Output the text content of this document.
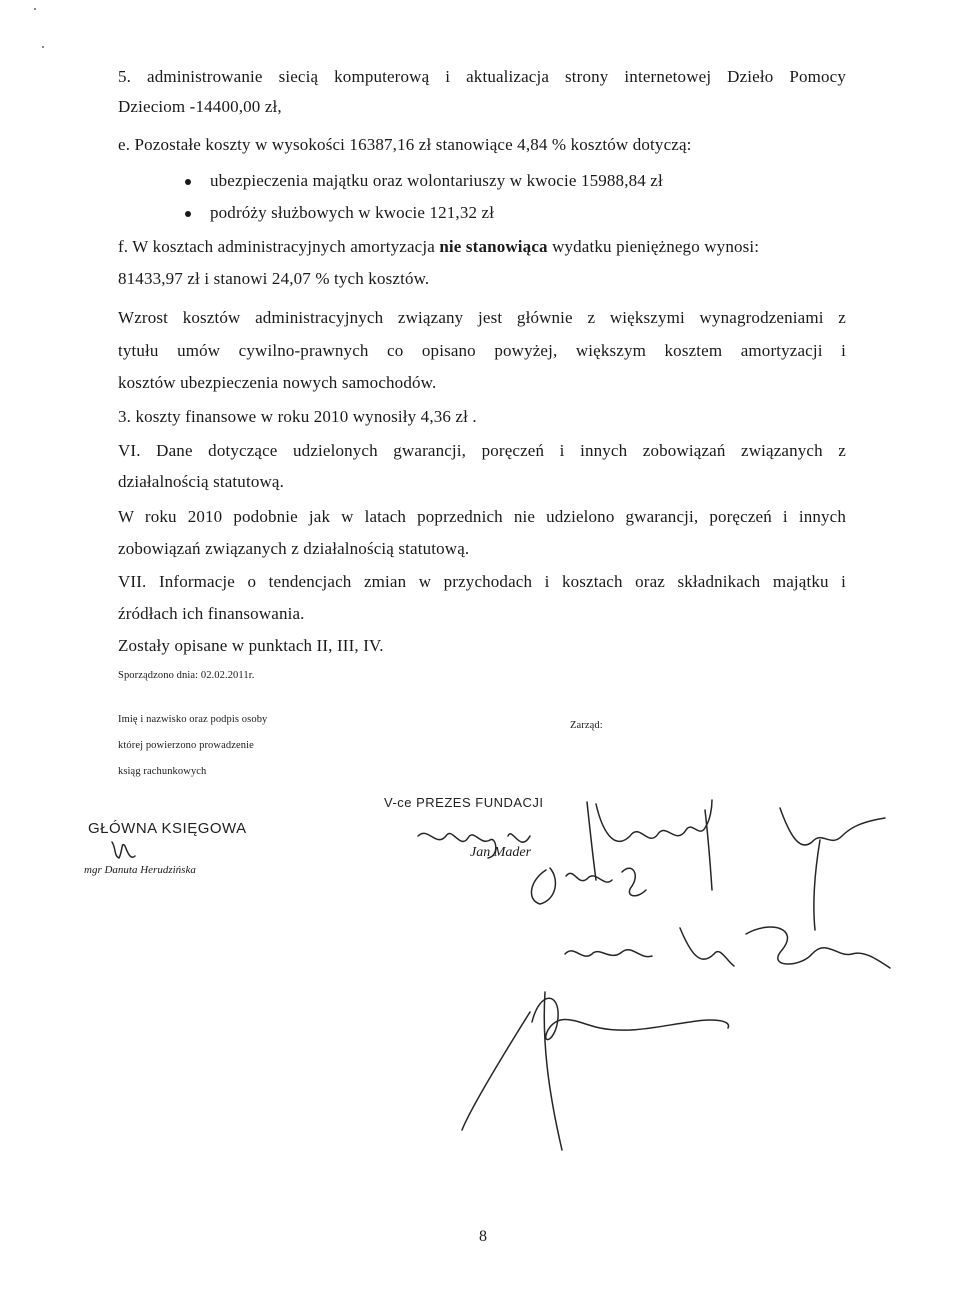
5. administrowanie siecią komputerową i aktualizacja strony internetowej Dzieło Pomocy
Dzieciom -14400,00 zł,
e. Pozostałe koszty w wysokości 16387,16 zł stanowiące 4,84 % kosztów dotyczą:
ubezpieczenia majątku oraz wolontariuszy w kwocie 15988,84 zł
podróży służbowych w kwocie 121,32 zł
f. W kosztach administracyjnych amortyzacja nie stanowiąca wydatku pieniężnego wynosi:
81433,97 zł i stanowi 24,07 % tych kosztów.
Wzrost kosztów administracyjnych związany jest głównie z większymi wynagrodzeniami z
tytułu umów cywilno-prawnych co opisano powyżej, większym kosztem amortyzacji i
kosztów ubezpieczenia nowych samochodów.
3. koszty finansowe w roku 2010 wynosiły 4,36 zł .
VI. Dane dotyczące udzielonych gwarancji, poręczeń i innych zobowiązań związanych z
działalnością statutową.
W roku 2010 podobnie jak w latach poprzednich nie udzielono gwarancji, poręczeń i innych
zobowiązań związanych z działalnością statutową.
VII. Informacje o tendencjach zmian w przychodach i kosztach oraz składnikach majątku i
źródłach ich finansowania.
Zostały opisane w punktach II, III, IV.
Sporządzono dnia: 02.02.2011r.
Imię i nazwisko oraz podpis osoby
której powierzono prowadzenie
ksiąg rachunkowych
Zarząd:
GŁÓWNA KSIĘGOWA
mgr Danuta Herudzińska
V-ce PREZES FUNDACJI
Jan Mader
8
